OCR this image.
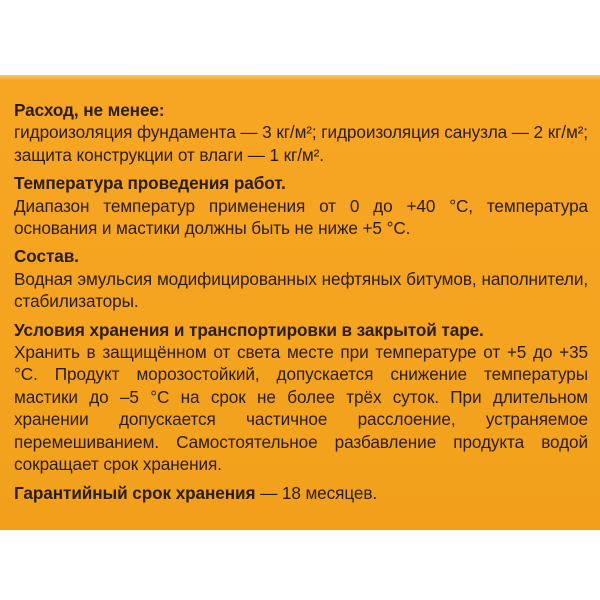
Расход, не менее:
гидроизоляция фундамента — 3 кг/м²; гидроизоляция санузла — 2 кг/м²; защита конструкции от влаги — 1 кг/м².
Температура проведения работ.
Диапазон температур применения от 0 до +40 °C, температура основания и мастики должны быть не ниже +5 °C.
Состав.
Водная эмульсия модифицированных нефтяных битумов, наполнители, стабилизаторы.
Условия хранения и транспортировки в закрытой таре.
Хранить в защищённом от света месте при температуре от +5 до +35 °C. Продукт морозостойкий, допускается снижение температуры мастики до –5 °C на срок не более трёх суток. При длительном хранении допускается частичное расслоение, устраняемое перемешиванием. Самостоятельное разбавление продукта водой сокращает срок хранения.
Гарантийный срок хранения — 18 месяцев.
